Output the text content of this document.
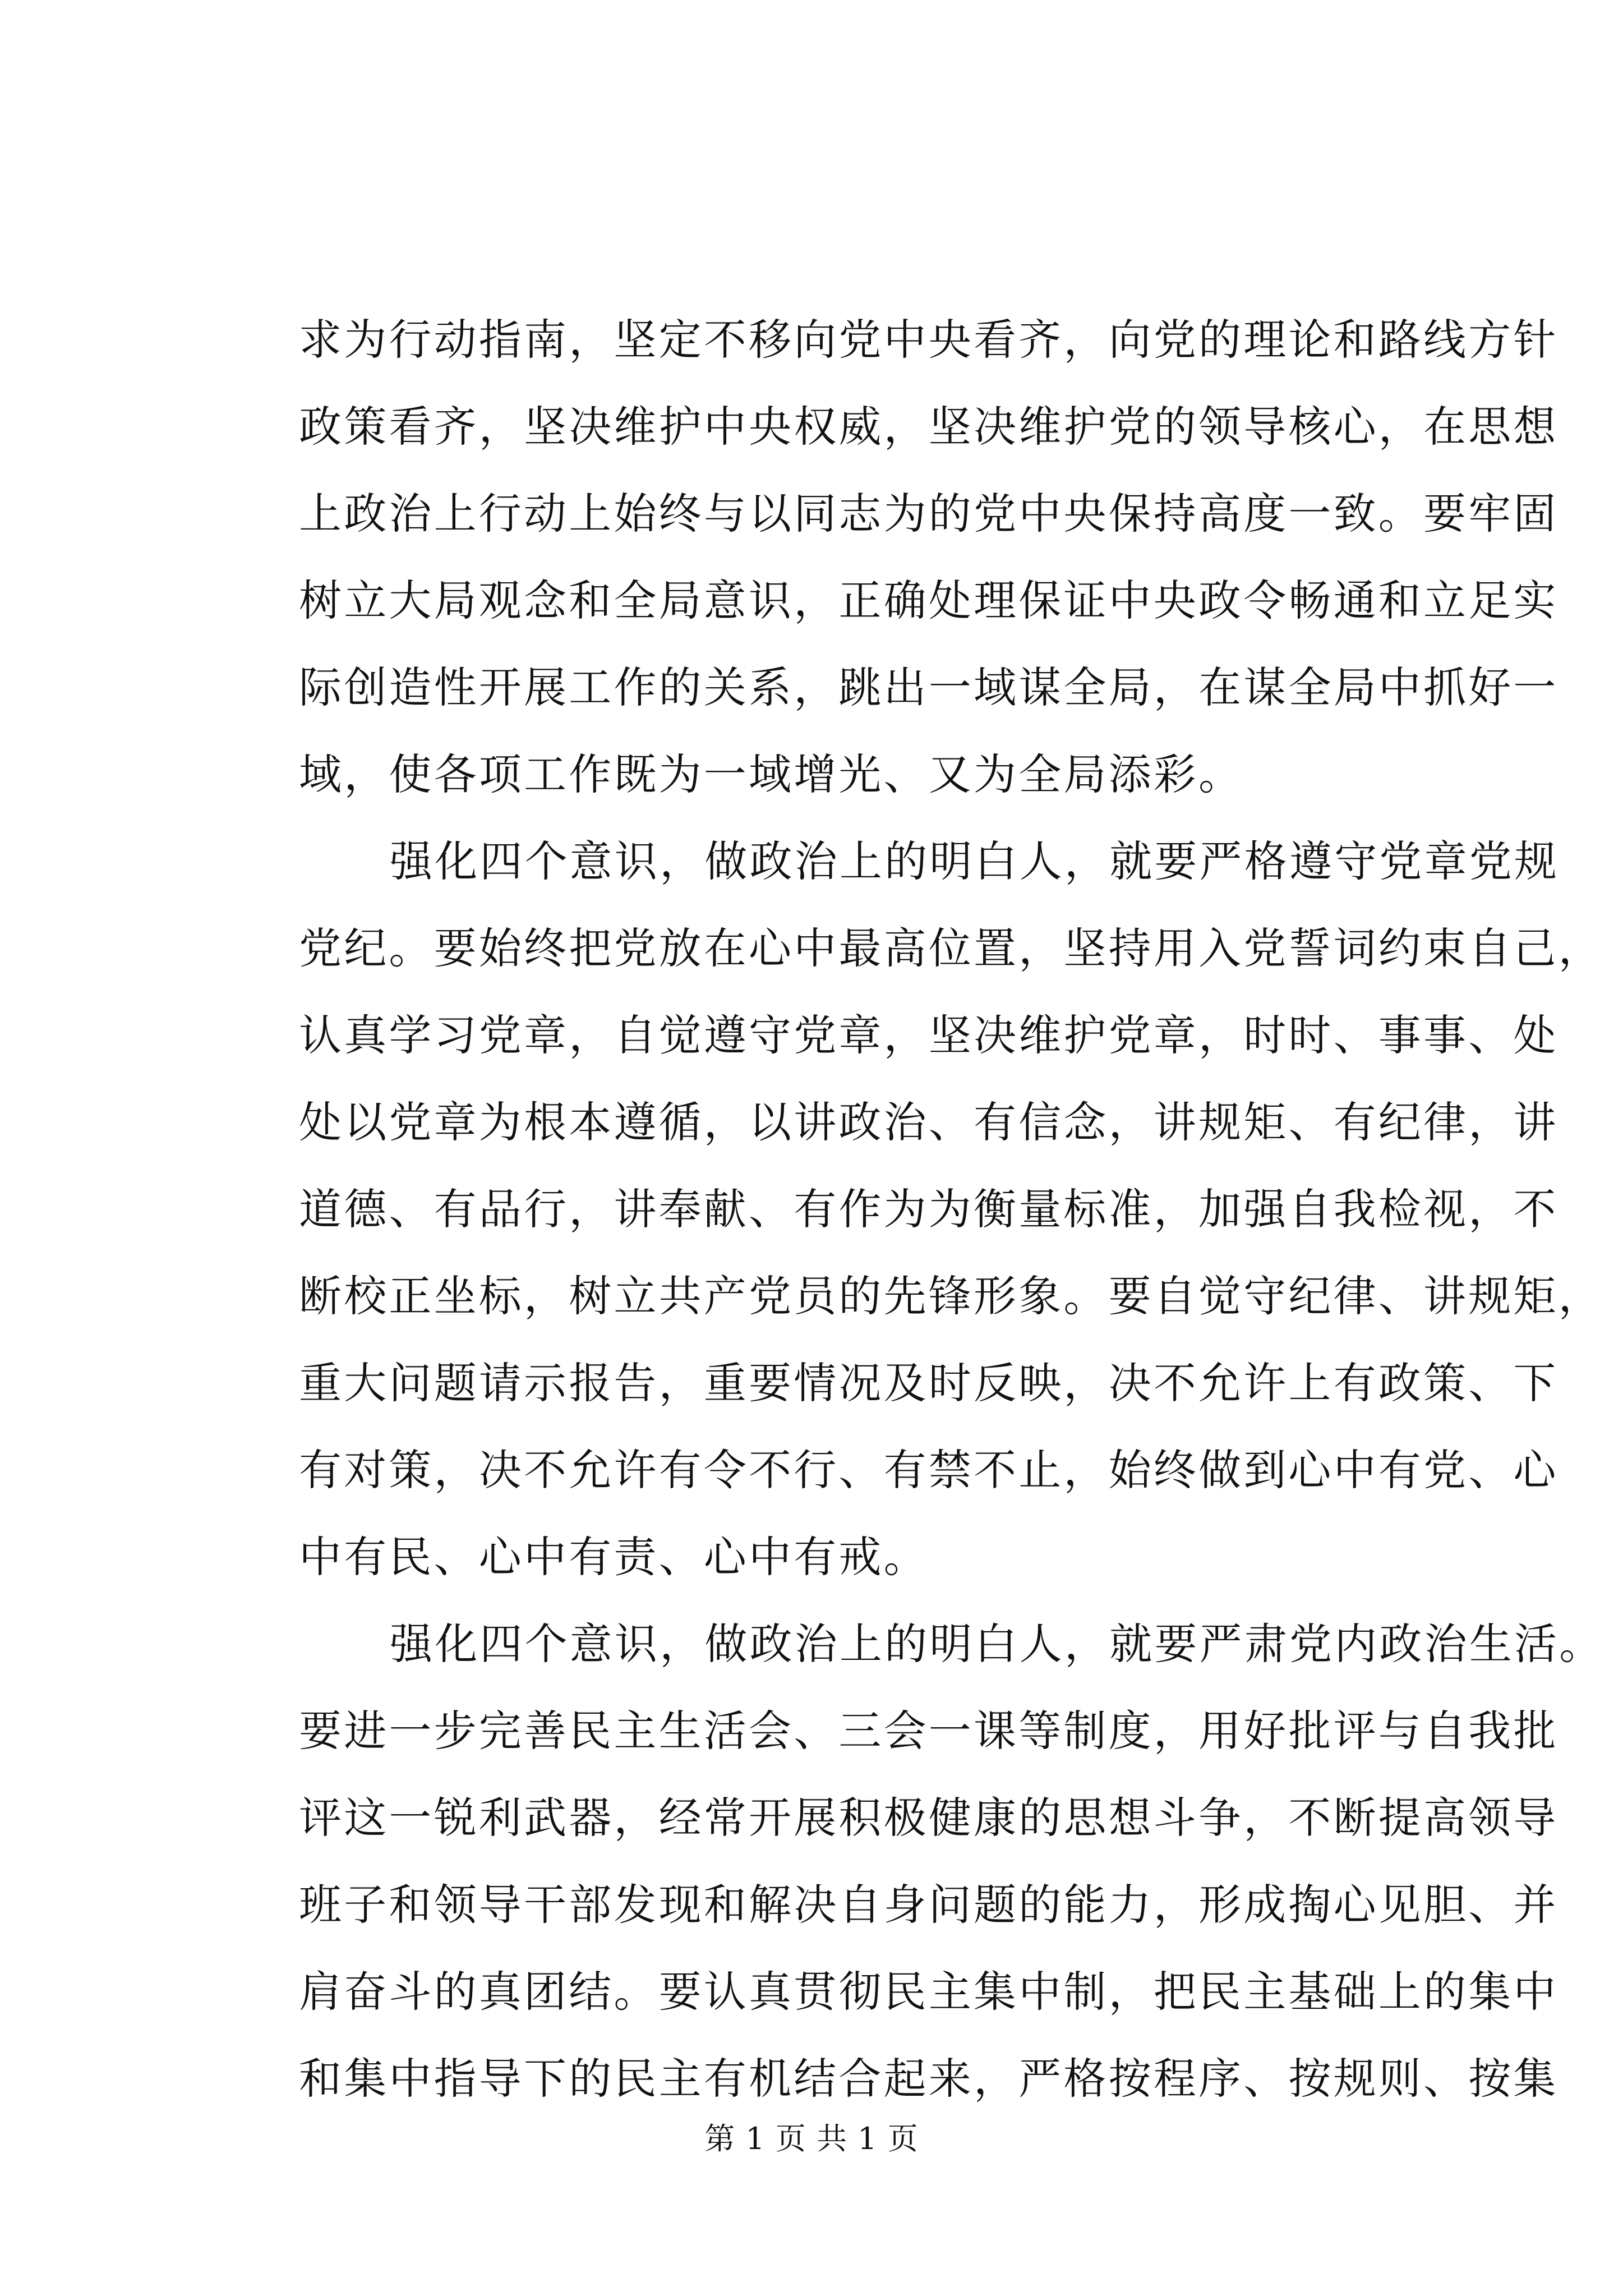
求为行动指南，坚定不移向党中央看齐，向党的理论和路线方针
政策看齐，坚决维护中央权威，坚决维护党的领导核心，在思想
上政治上行动上始终与以同志为的党中央保持高度一致。要牢固
树立大局观念和全局意识，正确处理保证中央政令畅通和立足实
际创造性开展工作的关系，跳出一域谋全局，在谋全局中抓好一
域，使各项工作既为一域增光、又为全局添彩。
强化四个意识，做政治上的明白人，就要严格遵守党章党规
党纪。要始终把党放在心中最高位置，坚持用入党誓词约束自己，
认真学习党章，自觉遵守党章，坚决维护党章，时时、事事、处
处以党章为根本遵循，以讲政治、有信念，讲规矩、有纪律，讲
道德、有品行，讲奉献、有作为为衡量标准，加强自我检视，不
断校正坐标，树立共产党员的先锋形象。要自觉守纪律、讲规矩，
重大问题请示报告，重要情况及时反映，决不允许上有政策、下
有对策，决不允许有令不行、有禁不止，始终做到心中有党、心
中有民、心中有责、心中有戒。
强化四个意识，做政治上的明白人，就要严肃党内政治生活。
要进一步完善民主生活会、三会一课等制度，用好批评与自我批
评这一锐利武器，经常开展积极健康的思想斗争，不断提高领导
班子和领导干部发现和解决自身问题的能力，形成掏心见胆、并
肩奋斗的真团结。要认真贯彻民主集中制，把民主基础上的集中
和集中指导下的民主有机结合起来，严格按程序、按规则、按集
第 1 页 共 1 页
